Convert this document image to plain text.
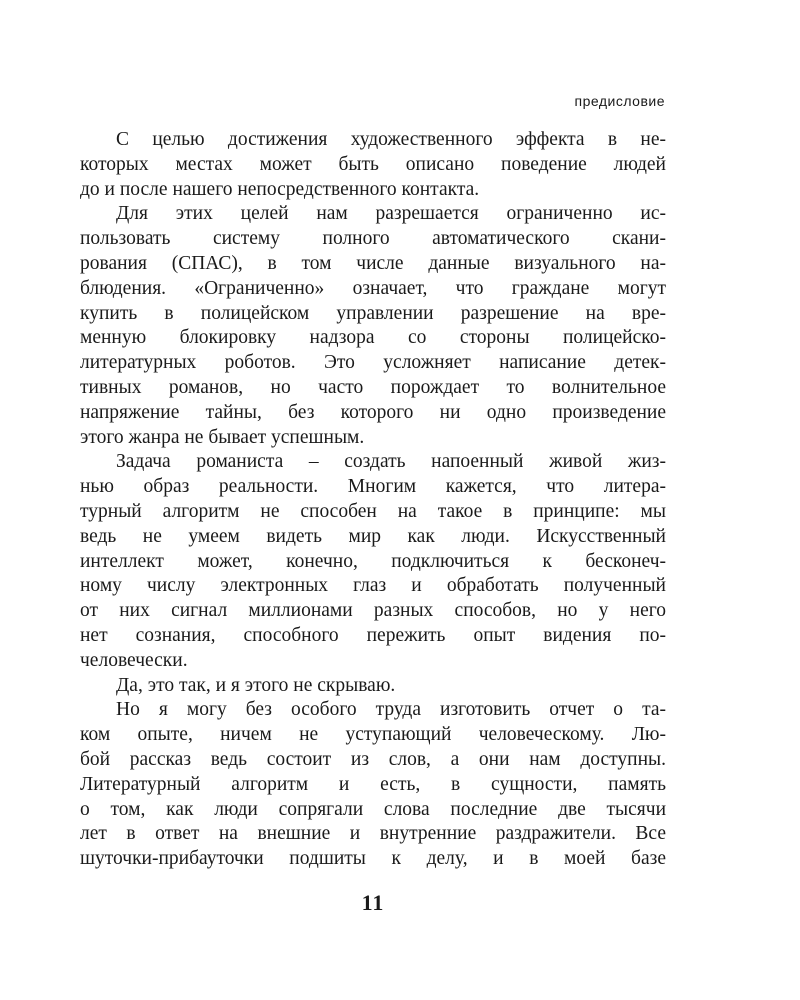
предисловие
С целью достижения художественного эффекта в не-
которых местах может быть описано поведение людей
до и после нашего непосредственного контакта.
Для этих целей нам разрешается ограниченно ис-
пользовать систему полного автоматического скани-
рования (СПАС), в том числе данные визуального на-
блюдения. «Ограниченно» означает, что граждане могут
купить в полицейском управлении разрешение на вре-
менную блокировку надзора со стороны полицейско-
литературных роботов. Это усложняет написание детек-
тивных романов, но часто порождает то волнительное
напряжение тайны, без которого ни одно произведение
этого жанра не бывает успешным.
Задача романиста – создать напоенный живой жиз-
нью образ реальности. Многим кажется, что литера-
турный алгоритм не способен на такое в принципе: мы
ведь не умеем видеть мир как люди. Искусственный
интеллект может, конечно, подключиться к бесконеч-
ному числу электронных глаз и обработать полученный
от них сигнал миллионами разных способов, но у него
нет сознания, способного пережить опыт видения по-
человечески.
Да, это так, и я этого не скрываю.
Но я могу без особого труда изготовить отчет о та-
ком опыте, ничем не уступающий человеческому. Лю-
бой рассказ ведь состоит из слов, а они нам доступны.
Литературный алгоритм и есть, в сущности, память
о том, как люди сопрягали слова последние две тысячи
лет в ответ на внешние и внутренние раздражители. Все
шуточки-прибауточки подшиты к делу, и в моей базе
11
